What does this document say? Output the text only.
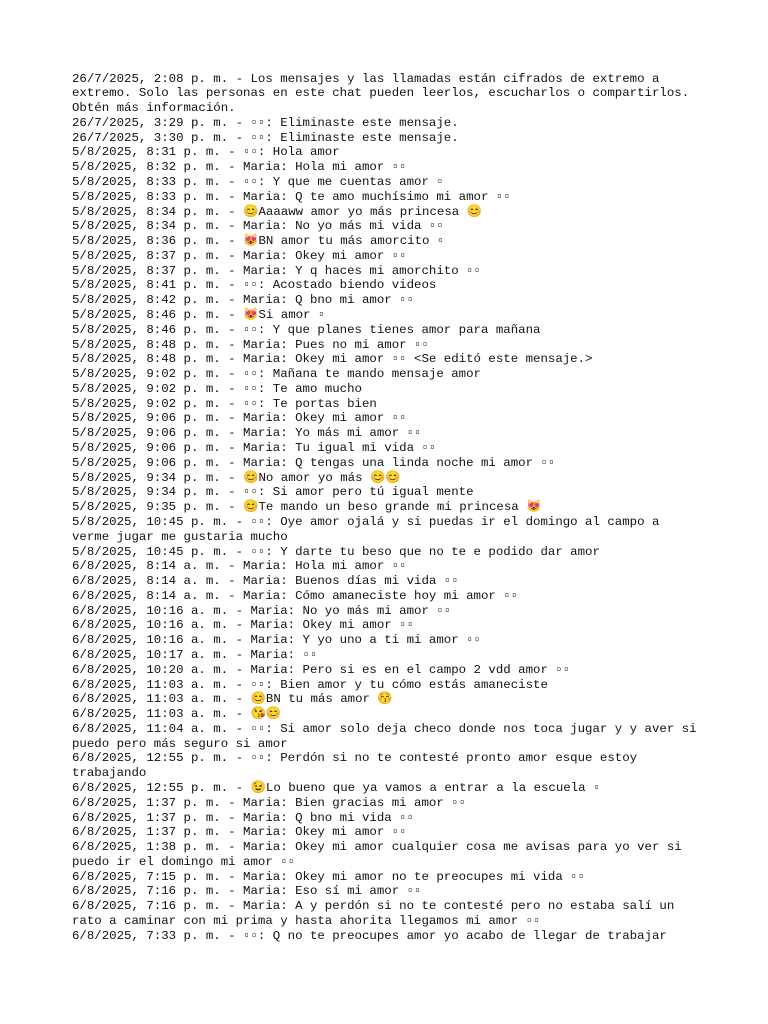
26/7/2025, 2:08 p. m. - Los mensajes y las llamadas están cifrados de extremo a
extremo. Solo las personas en este chat pueden leerlos, escucharlos o compartirlos.
Obtén más información.
26/7/2025, 3:29 p. m. - ▫▫: Eliminaste este mensaje.
26/7/2025, 3:30 p. m. - ▫▫: Eliminaste este mensaje.
5/8/2025, 8:31 p. m. - ▫▫: Hola amor
5/8/2025, 8:32 p. m. - Maria: Hola mi amor ▫▫
5/8/2025, 8:33 p. m. - ▫▫: Y que me cuentas amor ▫
5/8/2025, 8:33 p. m. - Maria: Q te amo muchísimo mi amor ▫▫
5/8/2025, 8:34 p. m. - 😊Aaaaww amor yo más princesa 😊
5/8/2025, 8:34 p. m. - Maria: No yo más mi vida ▫▫
5/8/2025, 8:36 p. m. - 😻BN amor tu más amorcito ▫
5/8/2025, 8:37 p. m. - Maria: Okey mi amor ▫▫
5/8/2025, 8:37 p. m. - Maria: Y q haces mi amorchito ▫▫
5/8/2025, 8:41 p. m. - ▫▫: Acostado biendo videos
5/8/2025, 8:42 p. m. - Maria: Q bno mi amor ▫▫
5/8/2025, 8:46 p. m. - 😻Si amor ▫
5/8/2025, 8:46 p. m. - ▫▫: Y que planes tienes amor para mañana
5/8/2025, 8:48 p. m. - Maria: Pues no mi amor ▫▫
5/8/2025, 8:48 p. m. - Maria: Okey mi amor ▫▫ <Se editó este mensaje.>
5/8/2025, 9:02 p. m. - ▫▫: Mañana te mando mensaje amor
5/8/2025, 9:02 p. m. - ▫▫: Te amo mucho
5/8/2025, 9:02 p. m. - ▫▫: Te portas bien
5/8/2025, 9:06 p. m. - Maria: Okey mi amor ▫▫
5/8/2025, 9:06 p. m. - Maria: Yo más mi amor ▫▫
5/8/2025, 9:06 p. m. - Maria: Tu igual mi vida ▫▫
5/8/2025, 9:06 p. m. - Maria: Q tengas una linda noche mi amor ▫▫
5/8/2025, 9:34 p. m. - 😊No amor yo más 😊😊
5/8/2025, 9:34 p. m. - ▫▫: Si amor pero tú igual mente
5/8/2025, 9:35 p. m. - 😊Te mando un beso grande mi princesa 😻
5/8/2025, 10:45 p. m. - ▫▫: Oye amor ojalá y si puedas ir el domingo al campo a
verme jugar me gustaria mucho
5/8/2025, 10:45 p. m. - ▫▫: Y darte tu beso que no te e podido dar amor
6/8/2025, 8:14 a. m. - Maria: Hola mi amor ▫▫
6/8/2025, 8:14 a. m. - Maria: Buenos días mi vida ▫▫
6/8/2025, 8:14 a. m. - Maria: Cómo amaneciste hoy mi amor ▫▫
6/8/2025, 10:16 a. m. - Maria: No yo más mi amor ▫▫
6/8/2025, 10:16 a. m. - Maria: Okey mi amor ▫▫
6/8/2025, 10:16 a. m. - Maria: Y yo uno a ti mi amor ▫▫
6/8/2025, 10:17 a. m. - Maria: ▫▫
6/8/2025, 10:20 a. m. - Maria: Pero si es en el campo 2 vdd amor ▫▫
6/8/2025, 11:03 a. m. - ▫▫: Bien amor y tu cómo estás amaneciste
6/8/2025, 11:03 a. m. - 😊BN tu más amor 😚
6/8/2025, 11:03 a. m. - 😘😊
6/8/2025, 11:04 a. m. - ▫▫: Si amor solo deja checo donde nos toca jugar y y aver si
puedo pero más seguro si amor
6/8/2025, 12:55 p. m. - ▫▫: Perdón si no te contesté pronto amor esque estoy
trabajando
6/8/2025, 12:55 p. m. - 😉Lo bueno que ya vamos a entrar a la escuela ▫
6/8/2025, 1:37 p. m. - Maria: Bien gracias mi amor ▫▫
6/8/2025, 1:37 p. m. - Maria: Q bno mi vida ▫▫
6/8/2025, 1:37 p. m. - Maria: Okey mi amor ▫▫
6/8/2025, 1:38 p. m. - Maria: Okey mi amor cualquier cosa me avisas para yo ver si
puedo ir el domingo mi amor ▫▫
6/8/2025, 7:15 p. m. - Maria: Okey mi amor no te preocupes mi vida ▫▫
6/8/2025, 7:16 p. m. - Maria: Eso sí mi amor ▫▫
6/8/2025, 7:16 p. m. - Maria: A y perdón si no te contesté pero no estaba salí un
rato a caminar con mi prima y hasta ahorita llegamos mi amor ▫▫
6/8/2025, 7:33 p. m. - ▫▫: Q no te preocupes amor yo acabo de llegar de trabajar
